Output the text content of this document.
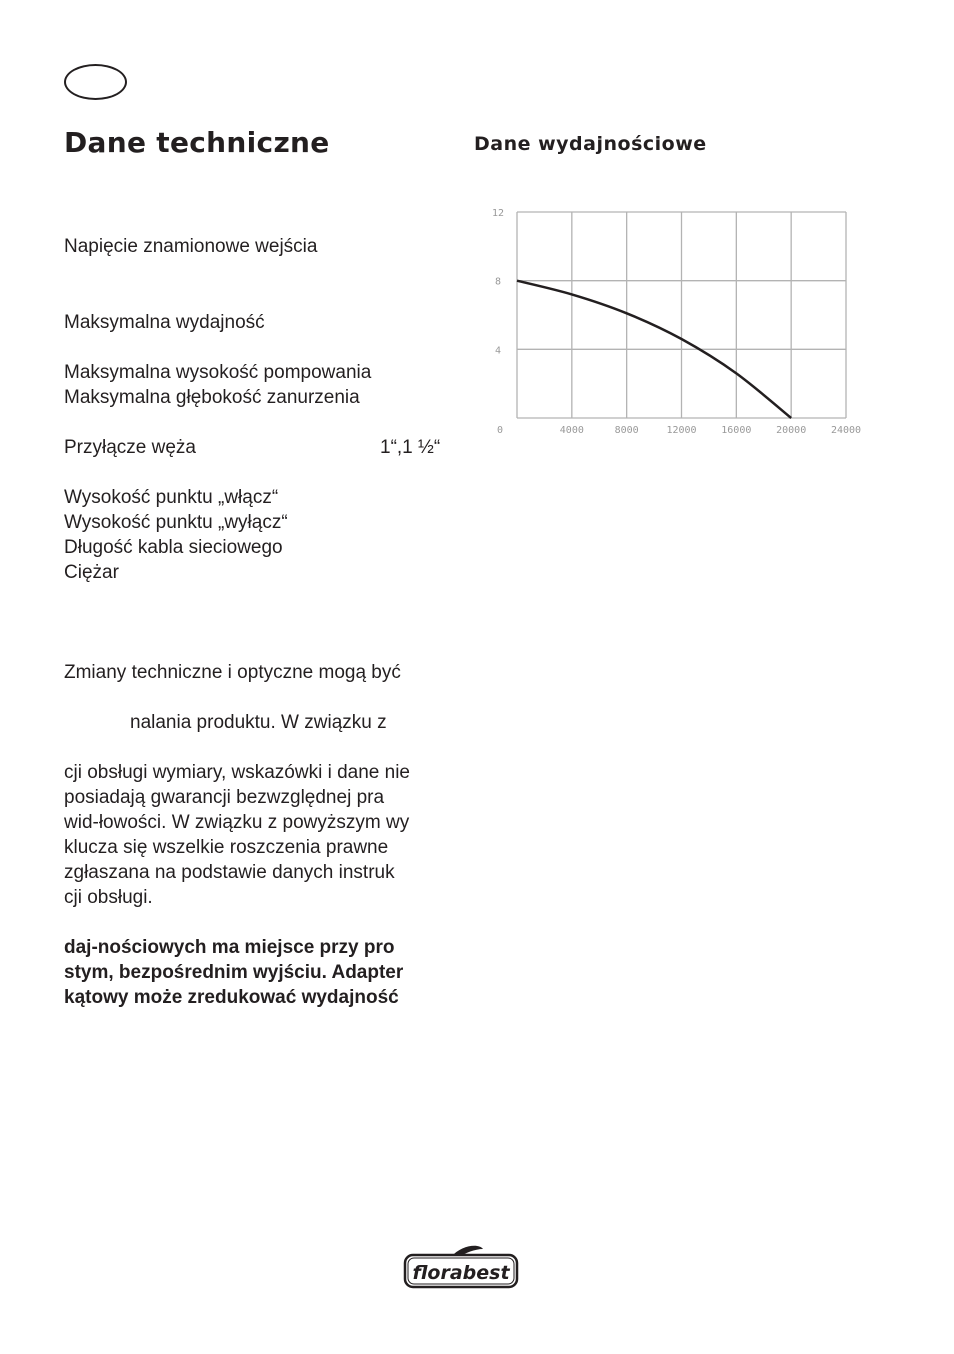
Dane techniczne	Dane wydajnościowe
Napięcie znamionowe wejścia
Maksymalna wydajność
Maksymalna wysokość pompowania
Maksymalna głębokość zanurzenia
Przyłącze węża	1“,1 ½“
Wysokość punktu „włącz“
Wysokość punktu „wyłącz“
Długość kabla sieciowego
Ciężar
Zmiany techniczne i optyczne mogą być
nalania produktu. W związku z
cji obsługi wymiary, wskazówki i dane nie
posiadają gwarancji bezwzględnej pra
wid-łowości. W związku z powyższym wy
klucza się wszelkie roszczenia prawne
zgłaszana na podstawie danych instruk
cji obsługi.
daj-nościowych ma miejsce przy pro
stym, bezpośrednim wyjściu. Adapter
kątowy może zredukować wydajność
0	4000	8000	12000 16000 20000 24000
4
8
12
florabest
